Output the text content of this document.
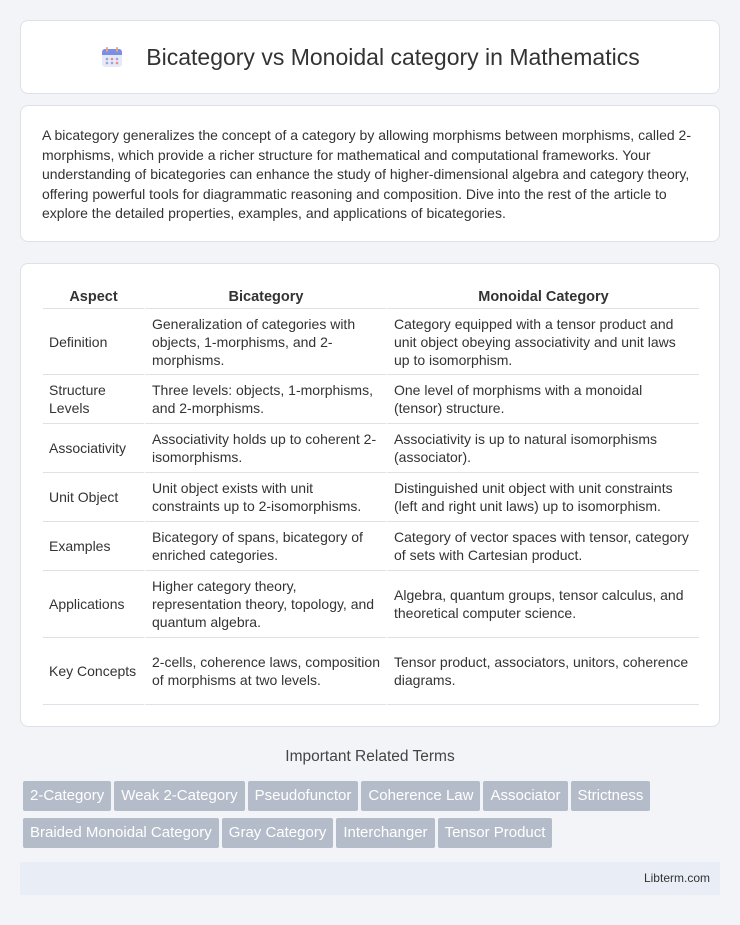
Bicategory vs Monoidal category in Mathematics

A bicategory generalizes the concept of a category by allowing morphisms between morphisms, called 2-morphisms, which provide a richer structure for mathematical and computational frameworks. Your understanding of bicategories can enhance the study of higher-dimensional algebra and category theory, offering powerful tools for diagrammatic reasoning and composition. Dive into the rest of the article to explore the detailed properties, examples, and applications of bicategories.

Aspect	Bicategory	Monoidal Category
Definition	Generalization of categories with objects, 1-morphisms, and 2-morphisms.	Category equipped with a tensor product and unit object obeying associativity and unit laws up to isomorphism.
Structure Levels	Three levels: objects, 1-morphisms, and 2-morphisms.	One level of morphisms with a monoidal (tensor) structure.
Associativity	Associativity holds up to coherent 2-isomorphisms.	Associativity is up to natural isomorphisms (associator).
Unit Object	Unit object exists with unit constraints up to 2-isomorphisms.	Distinguished unit object with unit constraints (left and right unit laws) up to isomorphism.
Examples	Bicategory of spans, bicategory of enriched categories.	Category of vector spaces with tensor, category of sets with Cartesian product.
Applications	Higher category theory, representation theory, topology, and quantum algebra.	Algebra, quantum groups, tensor calculus, and theoretical computer science.
Key Concepts	2-cells, coherence laws, composition of morphisms at two levels.	Tensor product, associators, unitors, coherence diagrams.
Important Related Terms
2-Category Weak 2-Category Pseudofunctor Coherence Law Associator Strictness
Braided Monoidal Category Gray Category Interchanger Tensor Product
Libterm.com
